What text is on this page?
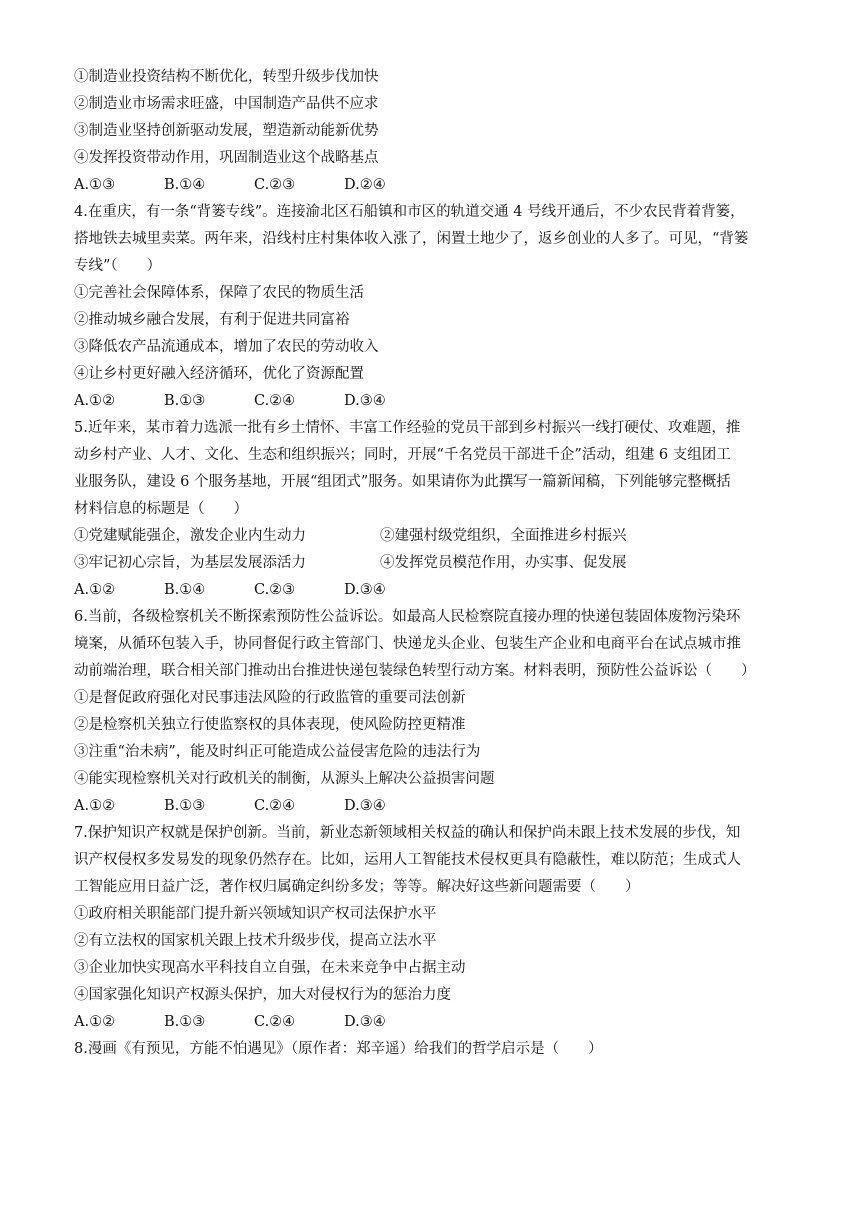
①制造业投资结构不断优化，转型升级步伐加快
②制造业市场需求旺盛，中国制造产品供不应求
③制造业坚持创新驱动发展，塑造新动能新优势
④发挥投资带动作用，巩固制造业这个战略基点
A.①③	B.①④	C.②③	D.②④
4.在重庆，有一条“背篓专线”。连接渝北区石船镇和市区的轨道交通 4 号线开通后，不少农民背着背篓，
搭地铁去城里卖菜。两年来，沿线村庄村集体收入涨了，闲置土地少了，返乡创业的人多了。可见，“背篓
专线”（　　）
①完善社会保障体系，保障了农民的物质生活
②推动城乡融合发展，有利于促进共同富裕
③降低农产品流通成本，增加了农民的劳动收入
④让乡村更好融入经济循环，优化了资源配置
A.①②	B.①③	C.②④	D.③④
5.近年来，某市着力选派一批有乡土情怀、丰富工作经验的党员干部到乡村振兴一线打硬仗、攻难题，推
动乡村产业、人才、文化、生态和组织振兴；同时，开展“千名党员干部进千企”活动，组建 6 支组团工
业服务队，建设 6 个服务基地，开展“组团式”服务。如果请你为此撰写一篇新闻稿，下列能够完整概括
材料信息的标题是（　　）
①党建赋能强企，激发企业内生动力	②建强村级党组织，全面推进乡村振兴
③牢记初心宗旨，为基层发展添活力	④发挥党员模范作用，办实事、促发展
A.①②	B.①④	C.②③	D.③④
6.当前，各级检察机关不断探索预防性公益诉讼。如最高人民检察院直接办理的快递包装固体废物污染环
境案，从循环包装入手，协同督促行政主管部门、快递龙头企业、包装生产企业和电商平台在试点城市推
动前端治理，联合相关部门推动出台推进快递包装绿色转型行动方案。材料表明，预防性公益诉讼（　　）
①是督促政府强化对民事违法风险的行政监管的重要司法创新
②是检察机关独立行使监察权的具体表现，使风险防控更精准
③注重“治未病”，能及时纠正可能造成公益侵害危险的违法行为
④能实现检察机关对行政机关的制衡，从源头上解决公益损害问题
A.①②	B.①③	C.②④	D.③④
7.保护知识产权就是保护创新。当前，新业态新领域相关权益的确认和保护尚未跟上技术发展的步伐，知
识产权侵权多发易发的现象仍然存在。比如，运用人工智能技术侵权更具有隐蔽性，难以防范；生成式人
工智能应用日益广泛，著作权归属确定纠纷多发；等等。解决好这些新问题需要（　　）
①政府相关职能部门提升新兴领域知识产权司法保护水平
②有立法权的国家机关跟上技术升级步伐，提高立法水平
③企业加快实现高水平科技自立自强，在未来竞争中占据主动
④国家强化知识产权源头保护，加大对侵权行为的惩治力度
A.①②	B.①③	C.②④	D.③④
8.漫画《有预见，方能不怕遇见》（原作者：郑辛遥）给我们的哲学启示是（　　）
